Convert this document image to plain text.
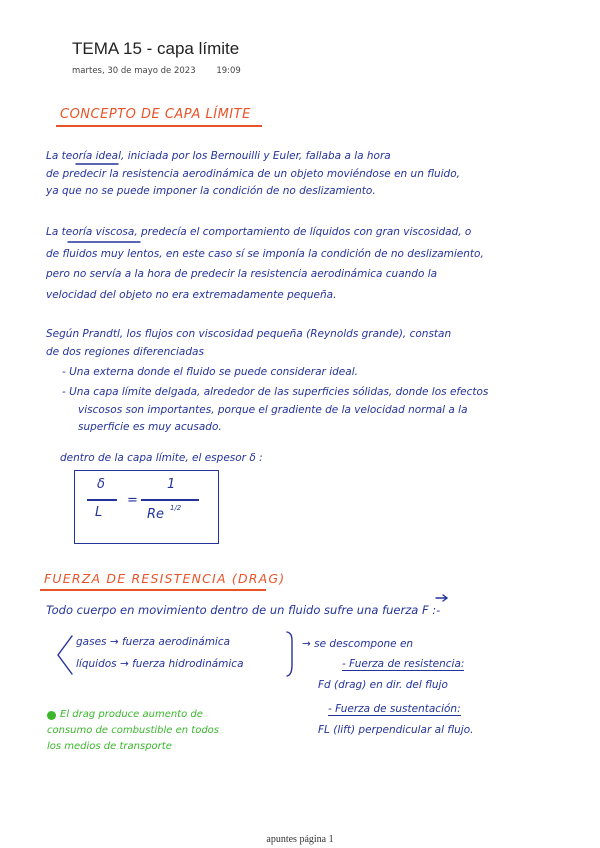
TEMA 15 - capa límite

martes, 30 de mayo de 2023 19:09

CONCEPTO DE CAPA LÍMITE

La teoría ideal, iniciada por los Bernouilli y Euler, fallaba a la hora

de predecir la resistencia aerodinámica de un objeto moviéndose en un fluido,

ya que no se puede imponer la condición de no deslizamiento.

La teoría viscosa, predecía el comportamiento de líquidos con gran viscosidad, o

de fluidos muy lentos, en este caso sí se imponía la condición de no deslizamiento,

pero no servía a la hora de predecir la resistencia aerodinámica cuando la

velocidad del objeto no era extremadamente pequeña.

Según Prandtl, los flujos con viscosidad pequeña (Reynolds grande), constan

de dos regiones diferenciadas

- Una externa donde el fluido se puede considerar ideal.

- Una capa límite delgada, alrededor de las superficies sólidas, donde los efectos

viscosos son importantes, porque el gradiente de la velocidad normal a la

superficie es muy acusado.

dentro de la capa límite, el espesor δ :

δ
L
=
1
Re 1/2

FUERZA DE RESISTENCIA (DRAG)

Todo cuerpo en movimiento dentro de un fluido sufre una fuerza F :-

gases → fuerza aerodinámica

líquidos → fuerza hidrodinámica

→ se descompone en

- Fuerza de resistencia:

Fd (drag) en dir. del flujo

- Fuerza de sustentación:

FL (lift) perpendicular al flujo.

El drag produce aumento de

consumo de combustible en todos

los medios de transporte

apuntes página 1
